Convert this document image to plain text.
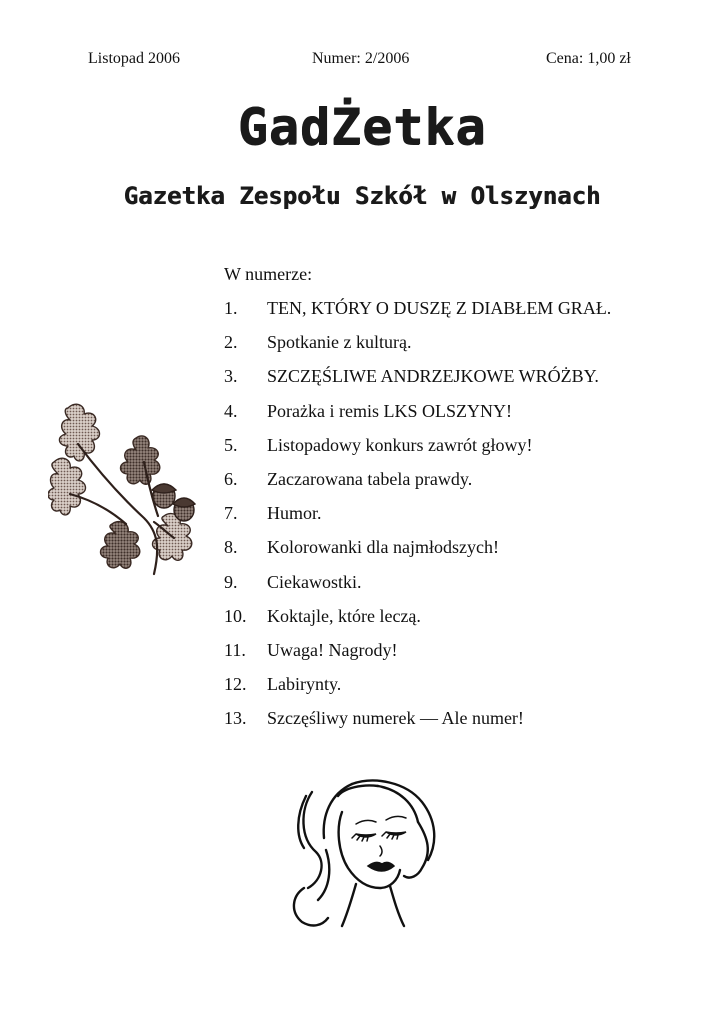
Listopad 2006	Numer: 2/2006	Cena: 1,00 zł
GadŻetka
Gazetka Zespołu Szkół w Olszynach
W numerze:
1.	TEN, KTÓRY O DUSZĘ Z DIABŁEM GRAŁ.
2.	Spotkanie z kulturą.
3.	SZCZĘŚLIWE ANDRZEJKOWE WRÓŻBY.
4.	Porażka i remis LKS OLSZYNY!
5.	Listopadowy konkurs zawrót głowy!
6.	Zaczarowana tabela prawdy.
7.	Humor.
8.	Kolorowanki dla najmłodszych!
9.	Ciekawostki.
10.	Koktajle, które leczą.
11.	Uwaga! Nagrody!
12.	Labirynty.
13.	Szczęśliwy numerek — Ale numer!
